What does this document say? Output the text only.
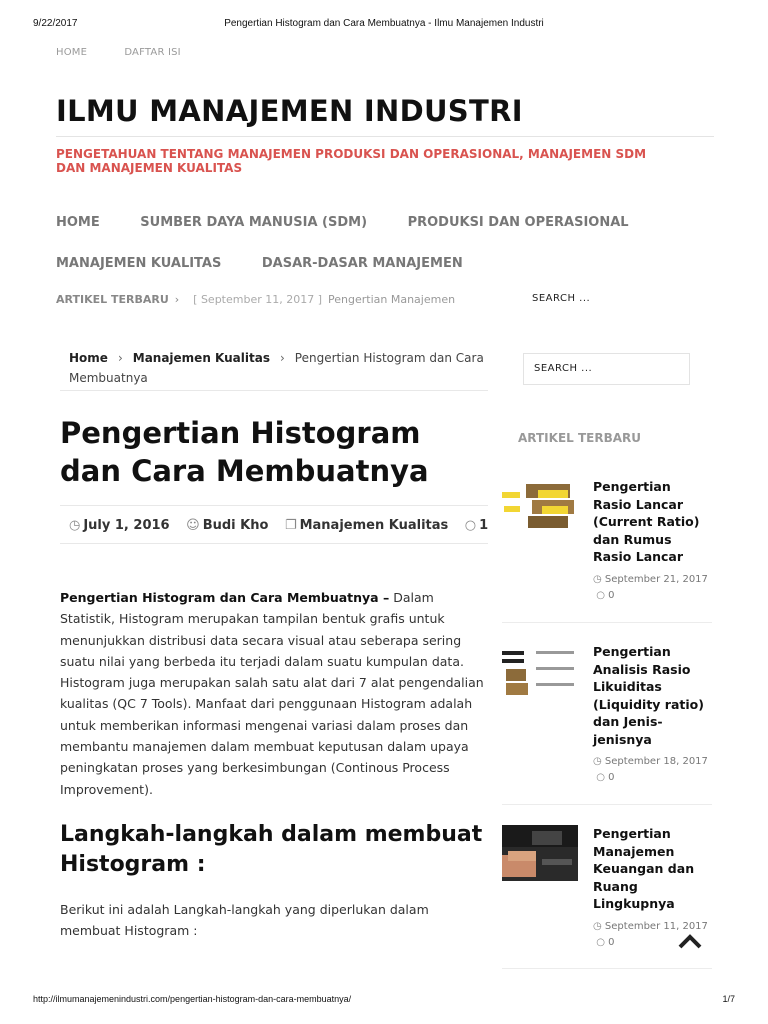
9/22/2017	Pengertian Histogram dan Cara Membuatnya - Ilmu Manajemen Industri
HOME	DAFTAR ISI
ILMU MANAJEMEN INDUSTRI
PENGETAHUAN TENTANG MANAJEMEN PRODUKSI DAN OPERASIONAL, MANAJEMEN SDM DAN MANAJEMEN KUALITAS
HOME	SUMBER DAYA MANUSIA (SDM)	PRODUKSI DAN OPERASIONAL
MANAJEMEN KUALITAS	DASAR-DASAR MANAJEMEN
ARTIKEL TERBARU › [ September 11, 2017 ] Pengertian Manajemen	SEARCH ...
Home › Manajemen Kualitas › Pengertian Histogram dan Cara Membuatnya
Pengertian Histogram dan Cara Membuatnya
◷ July 1, 2016 ☺ Budi Kho ❐ Manajemen Kualitas ○ 1
Pengertian Histogram dan Cara Membuatnya – Dalam Statistik, Histogram merupakan tampilan bentuk grafis untuk menunjukkan distribusi data secara visual atau seberapa sering suatu nilai yang berbeda itu terjadi dalam suatu kumpulan data. Histogram juga merupakan salah satu alat dari 7 alat pengendalian kualitas (QC 7 Tools). Manfaat dari penggunaan Histogram adalah untuk memberikan informasi mengenai variasi dalam proses dan membantu manajemen dalam membuat keputusan dalam upaya peningkatan proses yang berkesimbungan (Continous Process Improvement).
Langkah-langkah dalam membuat Histogram :
Berikut ini adalah Langkah-langkah yang diperlukan dalam membuat Histogram :
SEARCH ...
ARTIKEL TERBARU
Pengertian Rasio Lancar (Current Ratio) dan Rumus Rasio Lancar
◷ September 21, 2017  ○ 0
Pengertian Analisis Rasio Likuiditas (Liquidity ratio) dan Jenis-jenisnya
◷ September 18, 2017  ○ 0
Pengertian Manajemen Keuangan dan Ruang Lingkupnya
◷ September 11, 2017  ○ 0
http://ilmumanajemenindustri.com/pengertian-histogram-dan-cara-membuatnya/	1/7
